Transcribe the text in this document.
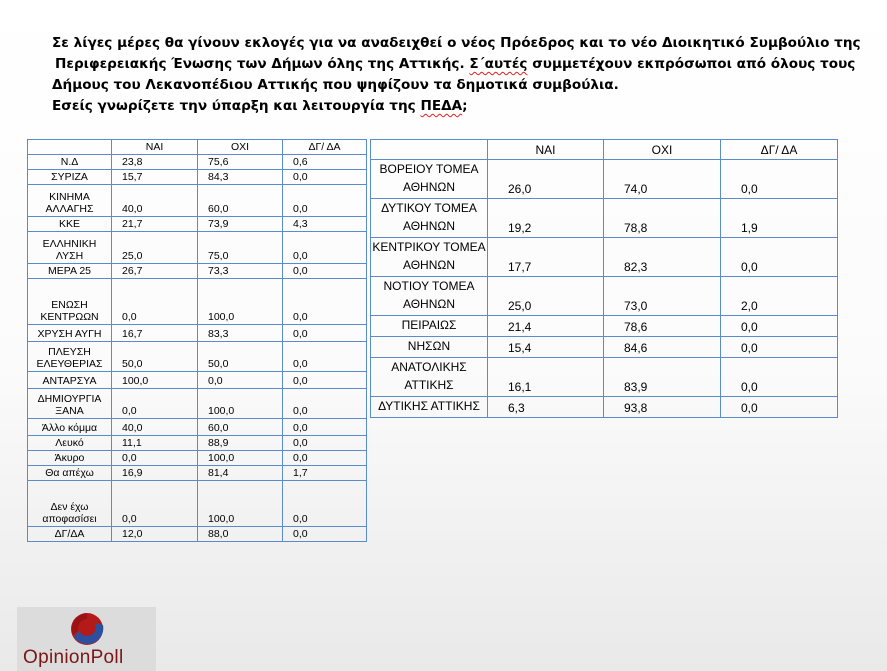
Σε λίγες μέρες θα γίνουν εκλογές για να αναδειχθεί ο νέος Πρόεδρος και το νέο Διοικητικό Συμβούλιο της
Περιφερειακής Ένωσης των Δήμων όλης της Αττικής. Σ΄αυτές συμμετέχουν εκπρόσωποι από όλους τους
Δήμους του Λεκανοπέδιου Αττικής που ψηφίζουν τα δημοτικά συμβούλια.
Εσείς γνωρίζετε την ύπαρξη και λειτουργία της ΠΕΔΑ;
	ΝΑΙ	ΟΧΙ	ΔΓ/ ΔΑ
Ν.Δ	23,8	75,6	0,6
ΣΥΡΙΖΑ	15,7	84,3	0,0
ΚΙΝΗΜΑ ΑΛΛΑΓΗΣ	40,0	60,0	0,0
ΚΚΕ	21,7	73,9	4,3
ΕΛΛΗΝΙΚΗ ΛΥΣΗ	25,0	75,0	0,0
ΜΕΡΑ 25	26,7	73,3	0,0
ΕΝΩΣΗ ΚΕΝΤΡΩΩΝ	0,0	100,0	0,0
ΧΡΥΣΗ ΑΥΓΗ	16,7	83,3	0,0
ΠΛΕΥΣΗ ΕΛΕΥΘΕΡΙΑΣ	50,0	50,0	0,0
ΑΝΤΑΡΣΥΑ	100,0	0,0	0,0
ΔΗΜΙΟΥΡΓΙΑ ΞΑΝΑ	0,0	100,0	0,0
Άλλο κόμμα	40,0	60,0	0,0
Λευκό	11,1	88,9	0,0
Άκυρο	0,0	100,0	0,0
Θα απέχω	16,9	81,4	1,7
Δεν έχω αποφασίσει	0,0	100,0	0,0
ΔΓ/ΔΑ	12,0	88,0	0,0
	ΝΑΙ	ΟΧΙ	ΔΓ/ ΔΑ
ΒΟΡΕΙΟΥ ΤΟΜΕΑ ΑΘΗΝΩΝ	26,0	74,0	0,0
ΔΥΤΙΚΟΥ ΤΟΜΕΑ ΑΘΗΝΩΝ	19,2	78,8	1,9
ΚΕΝΤΡΙΚΟΥ ΤΟΜΕΑ ΑΘΗΝΩΝ	17,7	82,3	0,0
ΝΟΤΙΟΥ ΤΟΜΕΑ ΑΘΗΝΩΝ	25,0	73,0	2,0
ΠΕΙΡΑΙΩΣ	21,4	78,6	0,0
ΝΗΣΩΝ	15,4	84,6	0,0
ΑΝΑΤΟΛΙΚΗΣ ΑΤΤΙΚΗΣ	16,1	83,9	0,0
ΔΥΤΙΚΗΣ ΑΤΤΙΚΗΣ	6,3	93,8	0,0
OpinionPoll
